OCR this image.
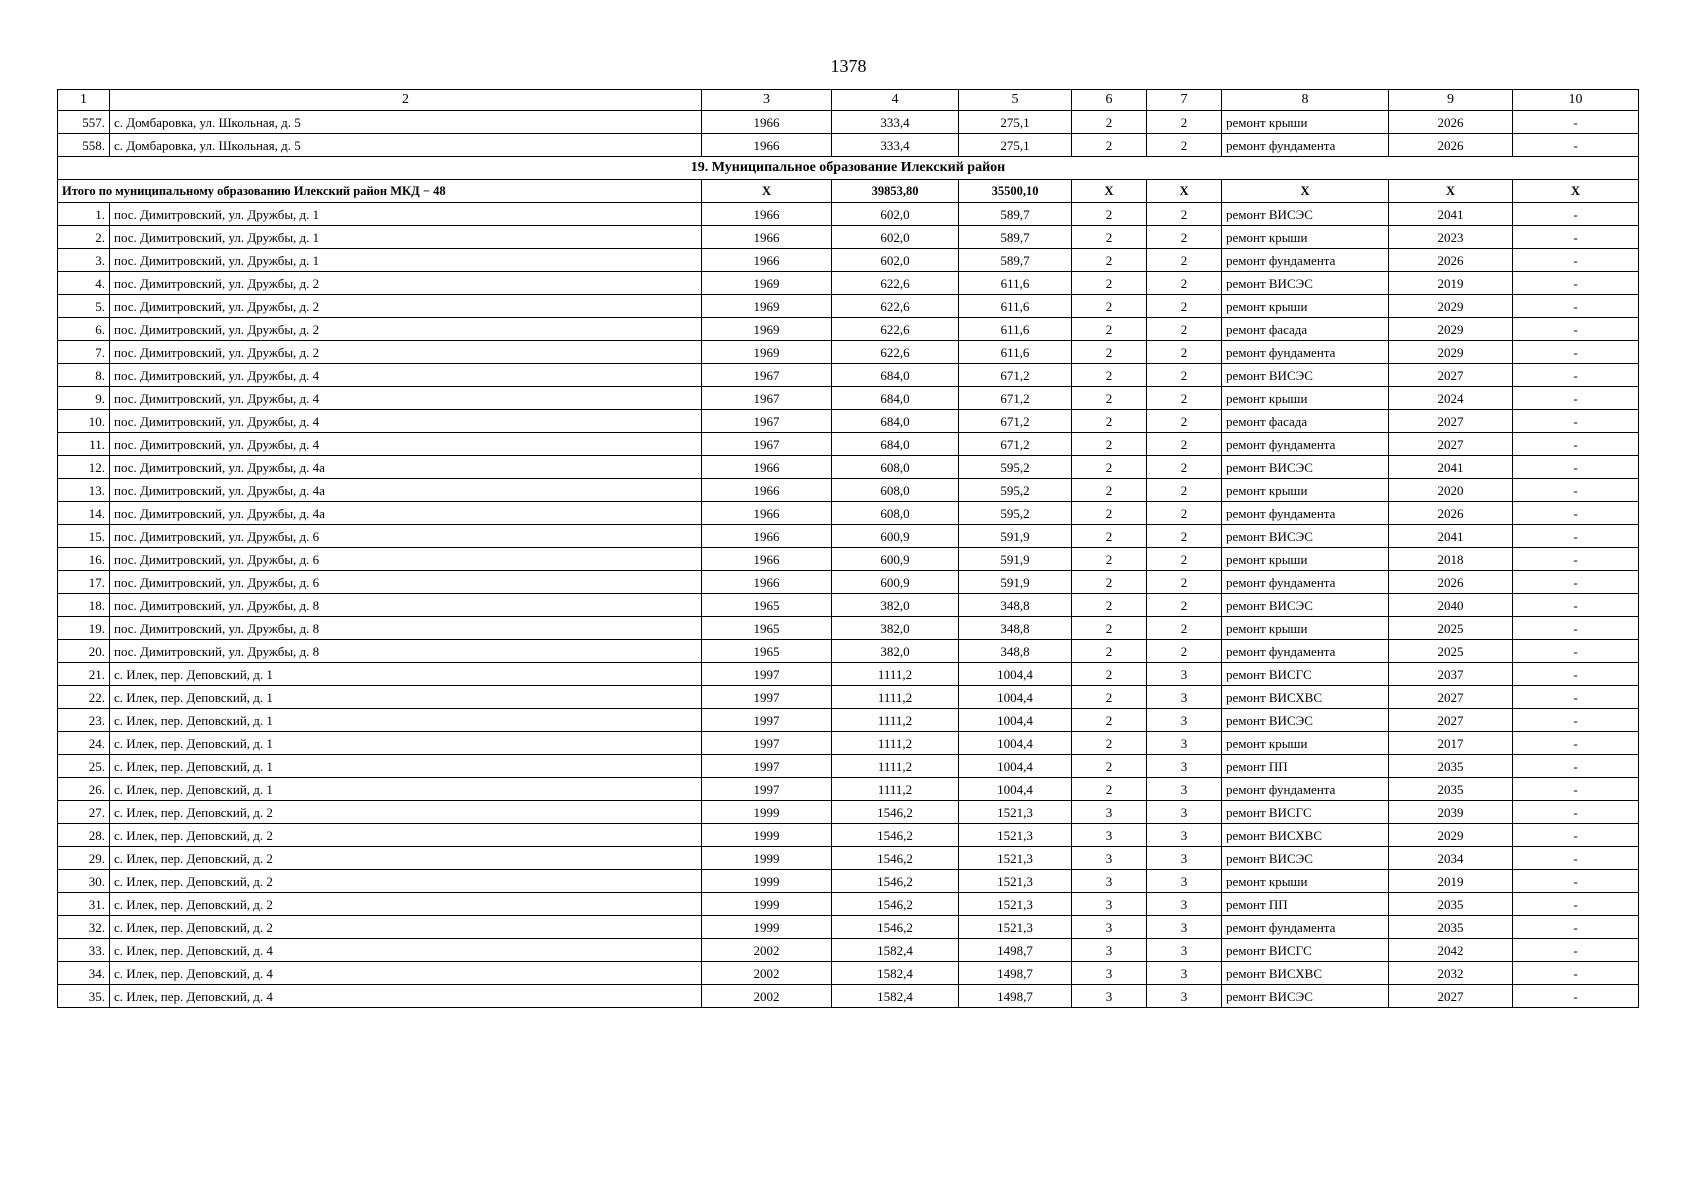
1378
1	2	3	4	5	6	7	8	9	10
557.	с. Домбаровка, ул. Школьная, д. 5	1966	333,4	275,1	2	2	ремонт крыши	2026	-
558.	с. Домбаровка, ул. Школьная, д. 5	1966	333,4	275,1	2	2	ремонт фундамента	2026	-
19. Муниципальное образование Илекский район									
Итого по муниципальному образованию Илекский район МКД − 48		X	39853,80	35500,10	X	X	X	X	X
1.	пос. Димитровский, ул. Дружбы, д. 1	1966	602,0	589,7	2	2	ремонт ВИСЭС	2041	-
2.	пос. Димитровский, ул. Дружбы, д. 1	1966	602,0	589,7	2	2	ремонт крыши	2023	-
3.	пос. Димитровский, ул. Дружбы, д. 1	1966	602,0	589,7	2	2	ремонт фундамента	2026	-
4.	пос. Димитровский, ул. Дружбы, д. 2	1969	622,6	611,6	2	2	ремонт ВИСЭС	2019	-
5.	пос. Димитровский, ул. Дружбы, д. 2	1969	622,6	611,6	2	2	ремонт крыши	2029	-
6.	пос. Димитровский, ул. Дружбы, д. 2	1969	622,6	611,6	2	2	ремонт фасада	2029	-
7.	пос. Димитровский, ул. Дружбы, д. 2	1969	622,6	611,6	2	2	ремонт фундамента	2029	-
8.	пос. Димитровский, ул. Дружбы, д. 4	1967	684,0	671,2	2	2	ремонт ВИСЭС	2027	-
9.	пос. Димитровский, ул. Дружбы, д. 4	1967	684,0	671,2	2	2	ремонт крыши	2024	-
10.	пос. Димитровский, ул. Дружбы, д. 4	1967	684,0	671,2	2	2	ремонт фасада	2027	-
11.	пос. Димитровский, ул. Дружбы, д. 4	1967	684,0	671,2	2	2	ремонт фундамента	2027	-
12.	пос. Димитровский, ул. Дружбы, д. 4а	1966	608,0	595,2	2	2	ремонт ВИСЭС	2041	-
13.	пос. Димитровский, ул. Дружбы, д. 4а	1966	608,0	595,2	2	2	ремонт крыши	2020	-
14.	пос. Димитровский, ул. Дружбы, д. 4а	1966	608,0	595,2	2	2	ремонт фундамента	2026	-
15.	пос. Димитровский, ул. Дружбы, д. 6	1966	600,9	591,9	2	2	ремонт ВИСЭС	2041	-
16.	пос. Димитровский, ул. Дружбы, д. 6	1966	600,9	591,9	2	2	ремонт крыши	2018	-
17.	пос. Димитровский, ул. Дружбы, д. 6	1966	600,9	591,9	2	2	ремонт фундамента	2026	-
18.	пос. Димитровский, ул. Дружбы, д. 8	1965	382,0	348,8	2	2	ремонт ВИСЭС	2040	-
19.	пос. Димитровский, ул. Дружбы, д. 8	1965	382,0	348,8	2	2	ремонт крыши	2025	-
20.	пос. Димитровский, ул. Дружбы, д. 8	1965	382,0	348,8	2	2	ремонт фундамента	2025	-
21.	с. Илек, пер. Деповский, д. 1	1997	1111,2	1004,4	2	3	ремонт ВИСГС	2037	-
22.	с. Илек, пер. Деповский, д. 1	1997	1111,2	1004,4	2	3	ремонт ВИСХВС	2027	-
23.	с. Илек, пер. Деповский, д. 1	1997	1111,2	1004,4	2	3	ремонт ВИСЭС	2027	-
24.	с. Илек, пер. Деповский, д. 1	1997	1111,2	1004,4	2	3	ремонт крыши	2017	-
25.	с. Илек, пер. Деповский, д. 1	1997	1111,2	1004,4	2	3	ремонт ПП	2035	-
26.	с. Илек, пер. Деповский, д. 1	1997	1111,2	1004,4	2	3	ремонт фундамента	2035	-
27.	с. Илек, пер. Деповский, д. 2	1999	1546,2	1521,3	3	3	ремонт ВИСГС	2039	-
28.	с. Илек, пер. Деповский, д. 2	1999	1546,2	1521,3	3	3	ремонт ВИСХВС	2029	-
29.	с. Илек, пер. Деповский, д. 2	1999	1546,2	1521,3	3	3	ремонт ВИСЭС	2034	-
30.	с. Илек, пер. Деповский, д. 2	1999	1546,2	1521,3	3	3	ремонт крыши	2019	-
31.	с. Илек, пер. Деповский, д. 2	1999	1546,2	1521,3	3	3	ремонт ПП	2035	-
32.	с. Илек, пер. Деповский, д. 2	1999	1546,2	1521,3	3	3	ремонт фундамента	2035	-
33.	с. Илек, пер. Деповский, д. 4	2002	1582,4	1498,7	3	3	ремонт ВИСГС	2042	-
34.	с. Илек, пер. Деповский, д. 4	2002	1582,4	1498,7	3	3	ремонт ВИСХВС	2032	-
35.	с. Илек, пер. Деповский, д. 4	2002	1582,4	1498,7	3	3	ремонт ВИСЭС	2027	-
